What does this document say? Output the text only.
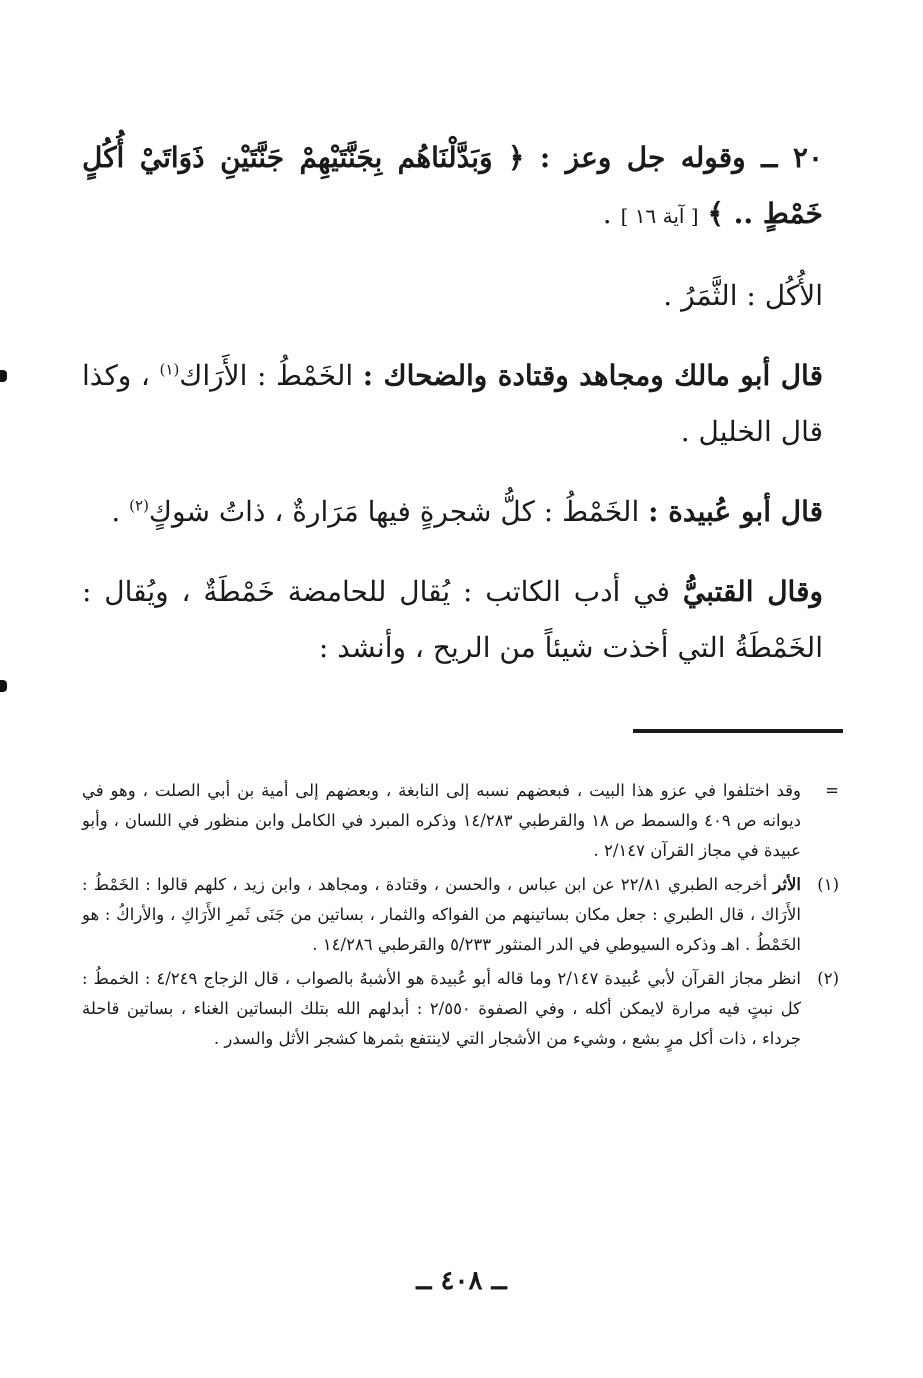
٢٠ ــ وقوله جل وعز : ﴿ وَبَدَّلْنَاهُم بِجَنَّتَيْهِمْ جَنَّتَيْنِ ذَوَاتَيْ أُكُلٍ خَمْطٍ .. ﴾ [ آية ١٦ ] .

الأُكُل : الثَّمَرُ .

قال أبو مالك ومجاهد وقتادة والضحاك : الخَمْطُ : الأَرَاك$^{(١)}$ ، وكذا قال الخليل .

قال أبو عُبيدة : الخَمْطُ : كلُّ شجرةٍ فيها مَرَارةٌ ، ذاتُ شوكٍ$^{(٢)}$ .

وقال القتبيُّ في أدب الكاتب : يُقال للحامضة خَمْطَةٌ ، ويُقال : الخَمْطَةُ التي أخذت شيئاً من الريح ، وأنشد :

=
وقد اختلفوا في عزو هذا البيت ، فبعضهم نسبه إلى النابغة ، وبعضهم إلى أمية بن أبي الصلت ، وهو في ديوانه ص ٤٠٩ والسمط ص ١٨ والقرطبي ١٤/٢٨٣ وذكره المبرد في الكامل وابن منظور في اللسان ، وأبو عبيدة في مجاز القرآن ٢/١٤٧ .
(١)
الأثر أخرجه الطبري ٢٢/٨١ عن ابن عباس ، والحسن ، وقتادة ، ومجاهد ، وابن زيد ، كلهم قالوا : الخَمْطُ : الأَرَاك ، قال الطبري : جعل مكان بساتينهم من الفواكه والثمار ، بساتين من جَنَى ثَمرِ الأَرَاكِ ، والأراكُ : هو الخَمْطُ . اهـ وذكره السيوطي في الدر المنثور ٥/٢٣٣ والقرطبي ١٤/٢٨٦ .
(٢)
انظر مجاز القرآن لأبي عُبيدة ٢/١٤٧ وما قاله أبو عُبيدة هو الأشبهُ بالصواب ، قال الزجاج ٤/٢٤٩ : الخمطُ : كل نبتٍ فيه مرارة لايمكن أكله ، وفي الصفوة ٢/٥٥٠ : أبدلهم الله بتلك البساتين الغناء ، بساتين قاحلة جرداء ، ذات أكل مرٍ بشع ، وشيء من الأشجار التي لاينتفع بثمرها كشجر الأثل والسدر .
ــ ٤٠٨ ــ
